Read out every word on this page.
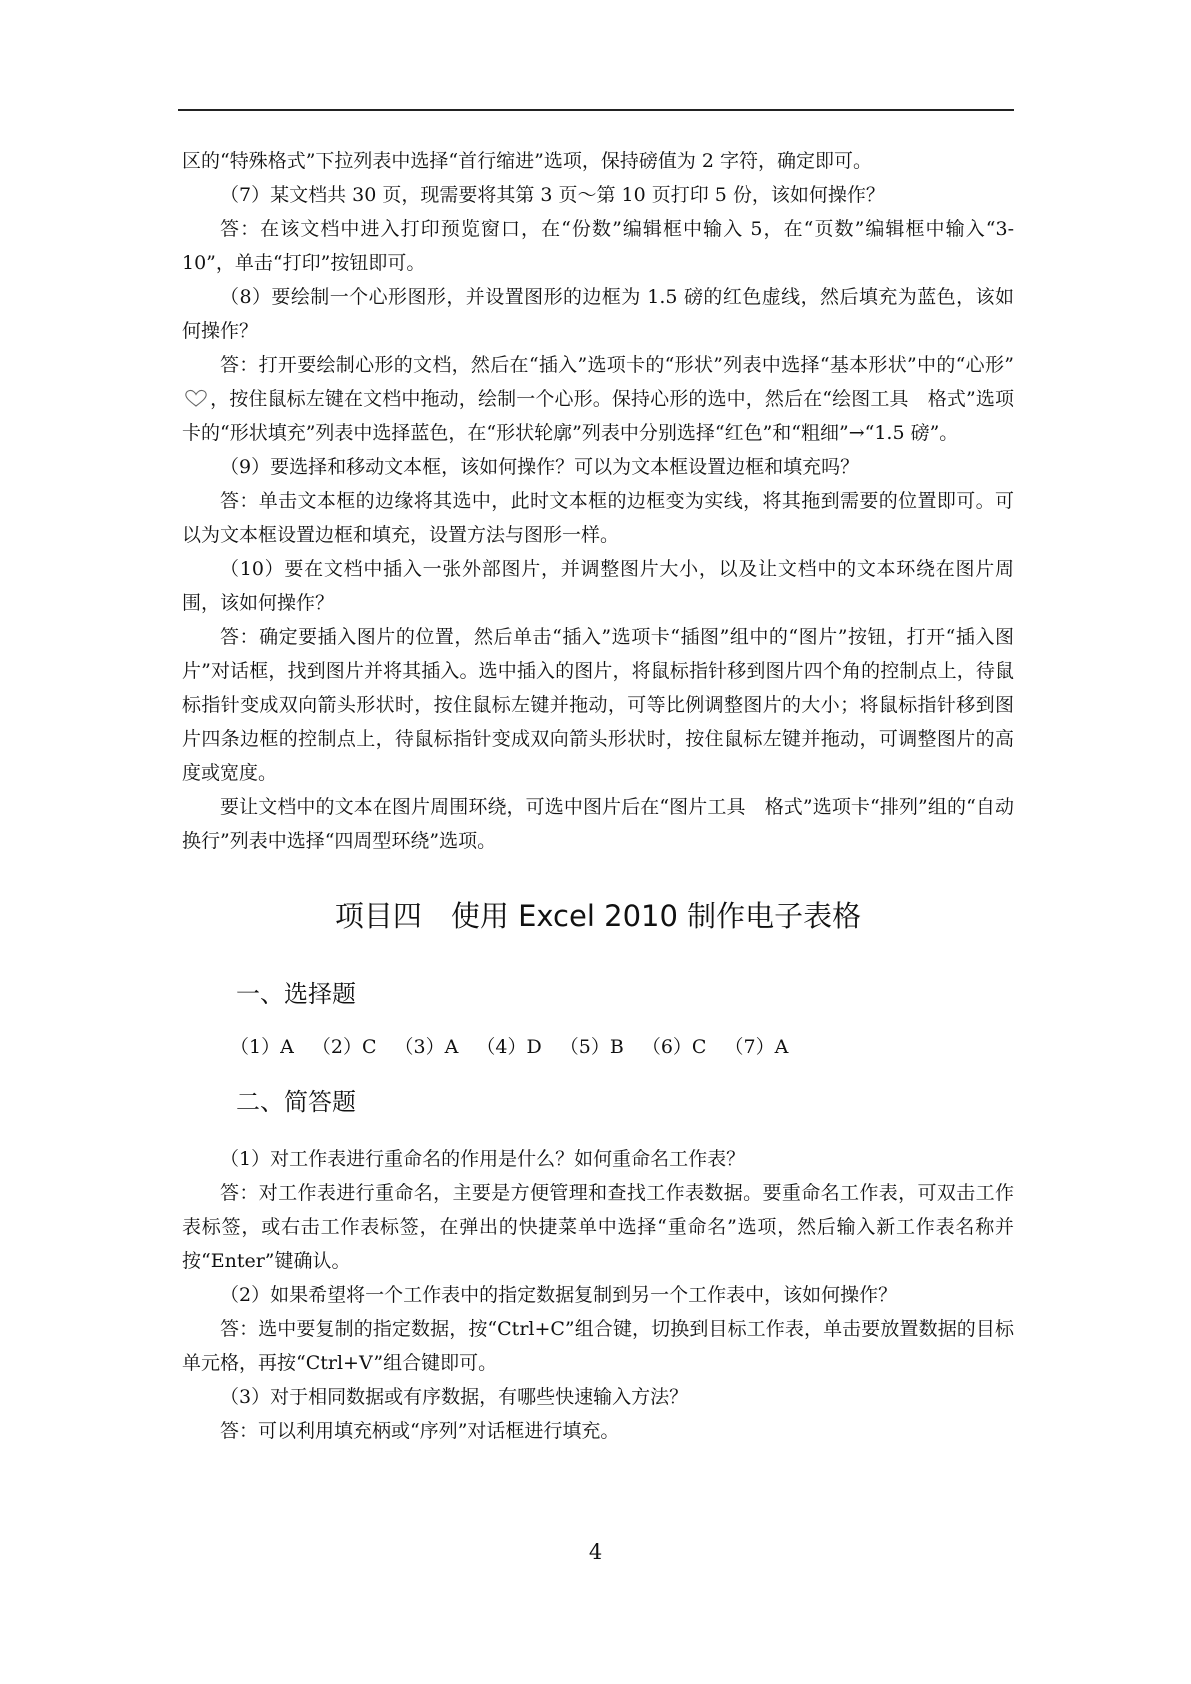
区的“特殊格式”下拉列表中选择“首行缩进”选项，保持磅值为 2 字符，确定即可。

（7）某文档共 30 页，现需要将其第 3 页～第 10 页打印 5 份，该如何操作？

答：在该文档中进入打印预览窗口，在“份数”编辑框中输入 5，在“页数”编辑框中输入“3-10”，单击“打印”按钮即可。

（8）要绘制一个心形图形，并设置图形的边框为 1.5 磅的红色虚线，然后填充为蓝色，该如何操作？

答：打开要绘制心形的文档，然后在“插入”选项卡的“形状”列表中选择“基本形状”中的“心形”，按住鼠标左键在文档中拖动，绘制一个心形。保持心形的选中，然后在“绘图工具　格式”选项卡的“形状填充”列表中选择蓝色，在“形状轮廓”列表中分别选择“红色”和“粗细”→“1.5 磅”。

（9）要选择和移动文本框，该如何操作？可以为文本框设置边框和填充吗？

答：单击文本框的边缘将其选中，此时文本框的边框变为实线，将其拖到需要的位置即可。可以为文本框设置边框和填充，设置方法与图形一样。

（10）要在文档中插入一张外部图片，并调整图片大小，以及让文档中的文本环绕在图片周围，该如何操作？

答：确定要插入图片的位置，然后单击“插入”选项卡“插图”组中的“图片”按钮，打开“插入图片”对话框，找到图片并将其插入。选中插入的图片，将鼠标指针移到图片四个角的控制点上，待鼠标指针变成双向箭头形状时，按住鼠标左键并拖动，可等比例调整图片的大小；将鼠标指针移到图片四条边框的控制点上，待鼠标指针变成双向箭头形状时，按住鼠标左键并拖动，可调整图片的高度或宽度。

要让文档中的文本在图片周围环绕，可选中图片后在“图片工具　格式”选项卡“排列”组的“自动换行”列表中选择“四周型环绕”选项。

项目四　使用 Excel 2010 制作电子表格

一、选择题

（1）A （2）C （3）A （4）D （5）B （6）C （7）A

二、简答题

（1）对工作表进行重命名的作用是什么？如何重命名工作表？

答：对工作表进行重命名，主要是方便管理和查找工作表数据。要重命名工作表，可双击工作表标签，或右击工作表标签，在弹出的快捷菜单中选择“重命名”选项，然后输入新工作表名称并按“Enter”键确认。

（2）如果希望将一个工作表中的指定数据复制到另一个工作表中，该如何操作？

答：选中要复制的指定数据，按“Ctrl+C”组合键，切换到目标工作表，单击要放置数据的目标单元格，再按“Ctrl+V”组合键即可。

（3）对于相同数据或有序数据，有哪些快速输入方法？

答：可以利用填充柄或“序列”对话框进行填充。

4
